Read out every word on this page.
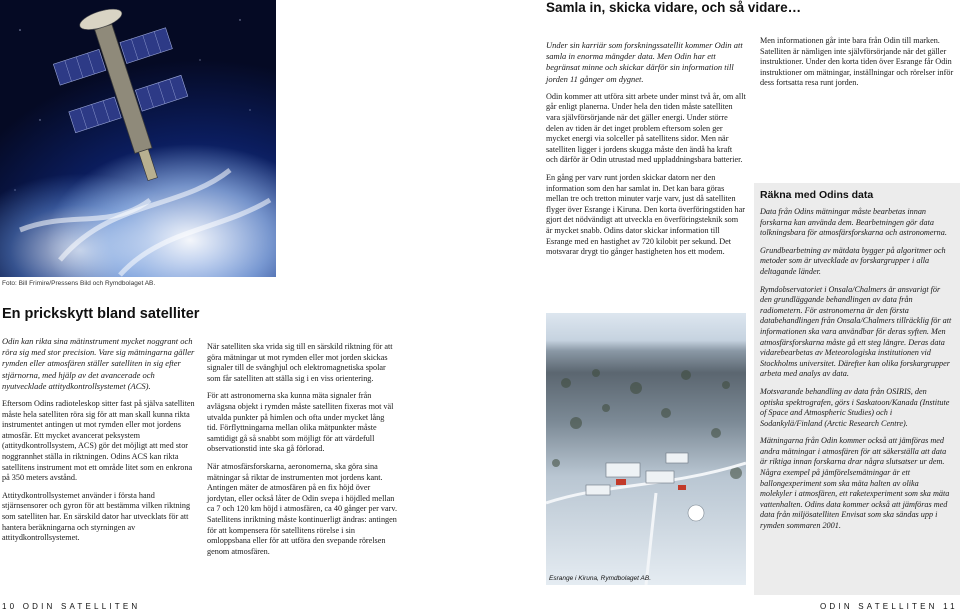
Foto: Bill Frimire/Pressens Bild och Rymdbolaget AB.
En prickskytt bland satelliter

Odin kan rikta sina mätinstrument mycket noggrant och röra sig med stor precision. Vare sig mätningarna gäller rymden eller atmosfären ställer satelliten in sig efter stjärnorna, med hjälp av det avancerade och nyutvecklade attitydkontrollsystemet (ACS).

Eftersom Odins radioteleskop sitter fast på själva satelliten måste hela satelliten röra sig för att man skall kunna rikta instrumentet antingen ut mot rymden eller mot jordens atmosfär. Ett mycket avancerat peksystem (attitydkontrollsystem, ACS) gör det möjligt att med stor noggrannhet ställa in riktningen. Odins ACS kan rikta satellitens instrument mot ett område litet som en enkrona på 350 meters avstånd.

Attitydkontrollsystemet använder i första hand stjärnsensorer och gyron för att bestämma vilken riktning som satelliten har. En särskild dator har utvecklats för att hantera beräkningarna och styrningen av attitydkontrollsystemet.

När satelliten ska vrida sig till en särskild riktning för att göra mätningar ut mot rymden eller mot jorden skickas signaler till de svänghjul och elektromagnetiska spolar som får satelliten att ställa sig i en viss orientering.

För att astronomerna ska kunna mäta signaler från avlägsna objekt i rymden måste satelliten fixeras mot väl utvalda punkter på himlen och ofta under mycket lång tid. Förflyttningarna mellan olika mätpunkter måste samtidigt gå så snabbt som möjligt för att värdefull observationstid inte ska gå förlorad.

När atmosfärsforskarna, aeronomerna, ska göra sina mätningar så riktar de instrumenten mot jordens kant. Antingen mäter de atmosfären på en fix höjd över jordytan, eller också låter de Odin svepa i höjdled mellan ca 7 och 120 km höjd i atmosfären, ca 40 gånger per varv. Satellitens inriktning måste kontinuerligt ändras: antingen för att kompensera för satellitens rörelse i sin omloppsbana eller för att utföra den svepande rörelsen genom atmosfären.

Samla in, skicka vidare, och så vidare…

Under sin karriär som forskningssatellit kommer Odin att samla in enorma mängder data. Men Odin har ett begränsat minne och skickar därför sin information till jorden 11 gånger om dygnet.

Odin kommer att utföra sitt arbete under minst två år, om allt går enligt planerna. Under hela den tiden måste satelliten vara självförsörjande när det gäller energi. Under större delen av tiden är det inget problem eftersom solen ger mycket energi via solceller på satellitens sidor. Men när satelliten ligger i jordens skugga måste den ändå ha kraft och därför är Odin utrustad med uppladdningsbara batterier.

En gång per varv runt jorden skickar datorn ner den information som den har samlat in. Det kan bara göras mellan tre och tretton minuter varje varv, just då satelliten flyger över Esrange i Kiruna. Den korta överföringstiden har gjort det nödvändigt att utveckla en överföringsteknik som är mycket snabb. Odins dator skickar information till Esrange med en hastighet av 720 kilobit per sekund. Det motsvarar drygt tio gånger hastigheten hos ett modem.

Men informationen går inte bara från Odin till marken. Satelliten är nämligen inte självförsörjande när det gäller instruktioner. Under den korta tiden över Esrange får Odin instruktioner om mätningar, inställningar och rörelser inför dess fortsatta resa runt jorden.

Esrange i Kiruna, Rymdbolaget AB.
Räkna med Odins data

Data från Odins mätningar måste bearbetas innan forskarna kan använda dem. Bearbetningen gör data tolkningsbara för atmosfärsforskarna och astronomerna.

Grundbearbetning av mätdata bygger på algoritmer och metoder som är utvecklade av forskargrupper i alla deltagande länder.

Rymdobservatoriet i Onsala/Chalmers är ansvarigt för den grundläggande behandlingen av data från radiometern. För astronomerna är den första databehandlingen från Onsala/Chalmers tillräcklig för att informationen ska vara användbar för deras syften. Men atmosfärsforskarna måste gå ett steg längre. Deras data vidarebearbetas av Meteorologiska institutionen vid Stockholms universitet. Därefter kan olika forskargrupper arbeta med analys av data.

Motsvarande behandling av data från OSIRIS, den optiska spektrografen, görs i Saskatoon/Kanada (Institute of Space and Atmospheric Studies) och i Sodankylä/Finland (Arctic Research Centre).

Mätningarna från Odin kommer också att jämföras med andra mätningar i atmosfären för att säkerställa att data är riktiga innan forskarna drar några slutsatser ur dem. Några exempel på jämförelsemätningar är ett ballongexperiment som ska mäta halten av olika molekyler i atmosfären, ett raketexperiment som ska mäta vattenhalten. Odins data kommer också att jämföras med data från miljösatelliten Envisat som ska sändas upp i rymden sommaren 2001.

10 ODIN SATELLITEN	ODIN SATELLITEN 11
